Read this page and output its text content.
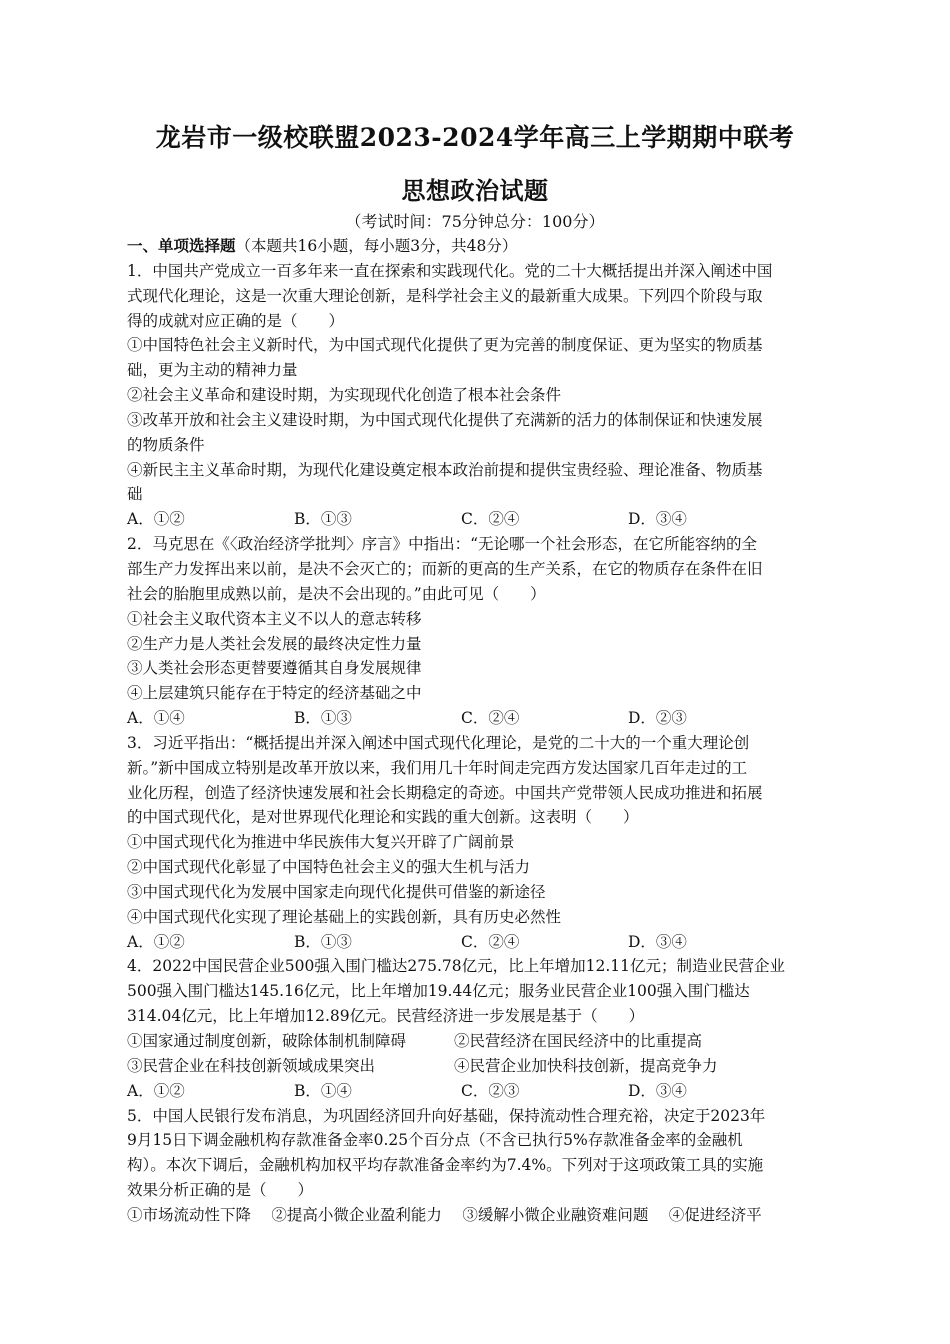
龙岩市一级校联盟2023-2024学年高三上学期期中联考
思想政治试题
（考试时间：75分钟总分：100分）
一、单项选择题（本题共16小题，每小题3分，共48分）
1．中国共产党成立一百多年来一直在探索和实践现代化。党的二十大概括提出并深入阐述中国
式现代化理论，这是一次重大理论创新，是科学社会主义的最新重大成果。下列四个阶段与取
得的成就对应正确的是（　　）
①中国特色社会主义新时代，为中国式现代化提供了更为完善的制度保证、更为坚实的物质基
础，更为主动的精神力量
②社会主义革命和建设时期，为实现现代化创造了根本社会条件
③改革开放和社会主义建设时期，为中国式现代化提供了充满新的活力的体制保证和快速发展
的物质条件
④新民主主义革命时期，为现代化建设奠定根本政治前提和提供宝贵经验、理论准备、物质基
础
A．①②	B．①③	C．②④	D．③④
2．马克思在《〈政治经济学批判〉序言》中指出：“无论哪一个社会形态，在它所能容纳的全
部生产力发挥出来以前，是决不会灭亡的；而新的更高的生产关系，在它的物质存在条件在旧
社会的胎胞里成熟以前，是决不会出现的。”由此可见（　　）
①社会主义取代资本主义不以人的意志转移
②生产力是人类社会发展的最终决定性力量
③人类社会形态更替要遵循其自身发展规律
④上层建筑只能存在于特定的经济基础之中
A．①④	B．①③	C．②④	D．②③
3．习近平指出：“概括提出并深入阐述中国式现代化理论，是党的二十大的一个重大理论创
新。”新中国成立特别是改革开放以来，我们用几十年时间走完西方发达国家几百年走过的工
业化历程，创造了经济快速发展和社会长期稳定的奇迹。中国共产党带领人民成功推进和拓展
的中国式现代化，是对世界现代化理论和实践的重大创新。这表明（　　）
①中国式现代化为推进中华民族伟大复兴开辟了广阔前景
②中国式现代化彰显了中国特色社会主义的强大生机与活力
③中国式现代化为发展中国家走向现代化提供可借鉴的新途径
④中国式现代化实现了理论基础上的实践创新，具有历史必然性
A．①②	B．①③	C．②④	D．③④
4．2022中国民营企业500强入围门槛达275.78亿元，比上年增加12.11亿元；制造业民营企业
500强入围门槛达145.16亿元，比上年增加19.44亿元；服务业民营企业100强入围门槛达
314.04亿元，比上年增加12.89亿元。民营经济进一步发展是基于（　　）
①国家通过制度创新，破除体制机制障碍	②民营经济在国民经济中的比重提高
③民营企业在科技创新领域成果突出	④民营企业加快科技创新，提高竞争力
A．①②	B．①④	C．②③	D．③④
5．中国人民银行发布消息，为巩固经济回升向好基础，保持流动性合理充裕，决定于2023年
9月15日下调金融机构存款准备金率0.25个百分点（不含已执行5%存款准备金率的金融机
构）。本次下调后，金融机构加权平均存款准备金率约为7.4%。下列对于这项政策工具的实施
效果分析正确的是（　　）
①市场流动性下降　 ②提高小微企业盈利能力　 ③缓解小微企业融资难问题　 ④促进经济平
